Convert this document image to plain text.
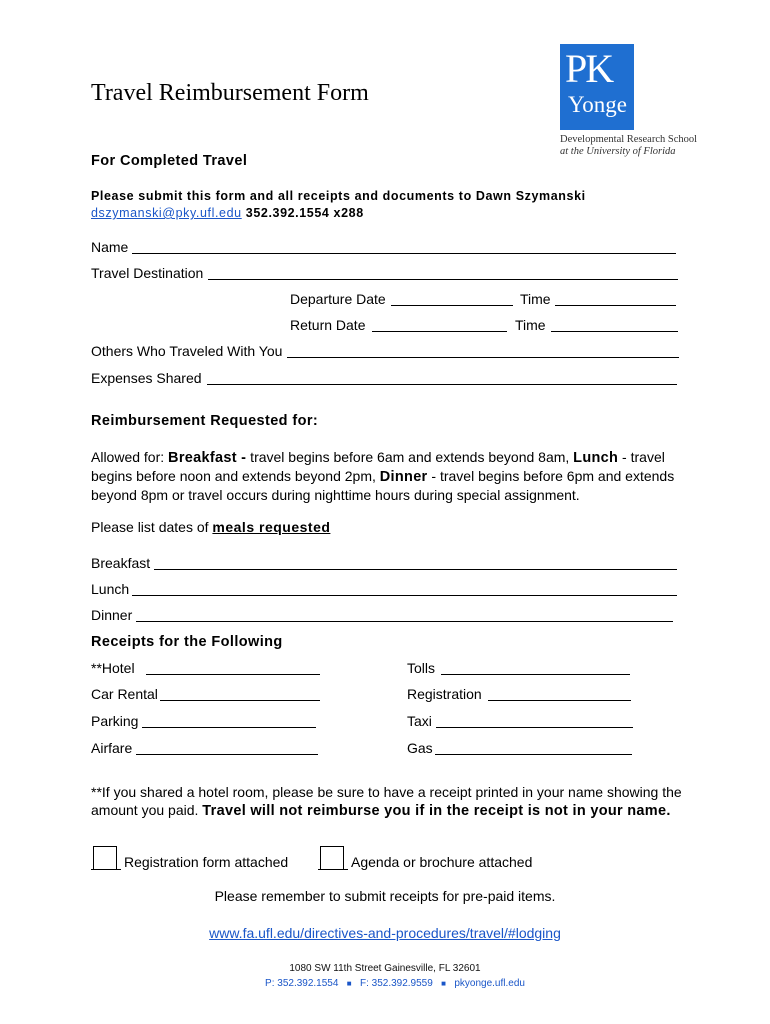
Travel Reimbursement Form
PK
Yonge
Developmental Research School
at the University of Florida
For Completed Travel
Please submit this form and all receipts and documents to Dawn Szymanski
dszymanski@pky.ufl.edu 352.392.1554 x288
Name
Travel Destination
Departure Date	Time
Return Date	Time
Others Who Traveled With You
Expenses Shared
Reimbursement Requested for:
Allowed for: Breakfast - travel begins before 6am and extends beyond 8am, Lunch - travel begins before noon and extends beyond 2pm, Dinner - travel begins before 6pm and extends beyond 8pm or travel occurs during nighttime hours during special assignment.
Please list dates of meals requested
Breakfast
Lunch
Dinner
Receipts for the Following
**Hotel	Tolls
Car Rental	Registration
Parking	Taxi
Airfare	Gas
**If you shared a hotel room, please be sure to have a receipt printed in your name showing the amount you paid. Travel will not reimburse you if in the receipt is not in your name.
Registration form attached	Agenda or brochure attached
Please remember to submit receipts for pre-paid items.
www.fa.ufl.edu/directives-and-procedures/travel/#lodging
1080 SW 11th Street Gainesville, FL 32601
P: 352.392.1554 ■ F: 352.392.9559 ■ pkyonge.ufl.edu
